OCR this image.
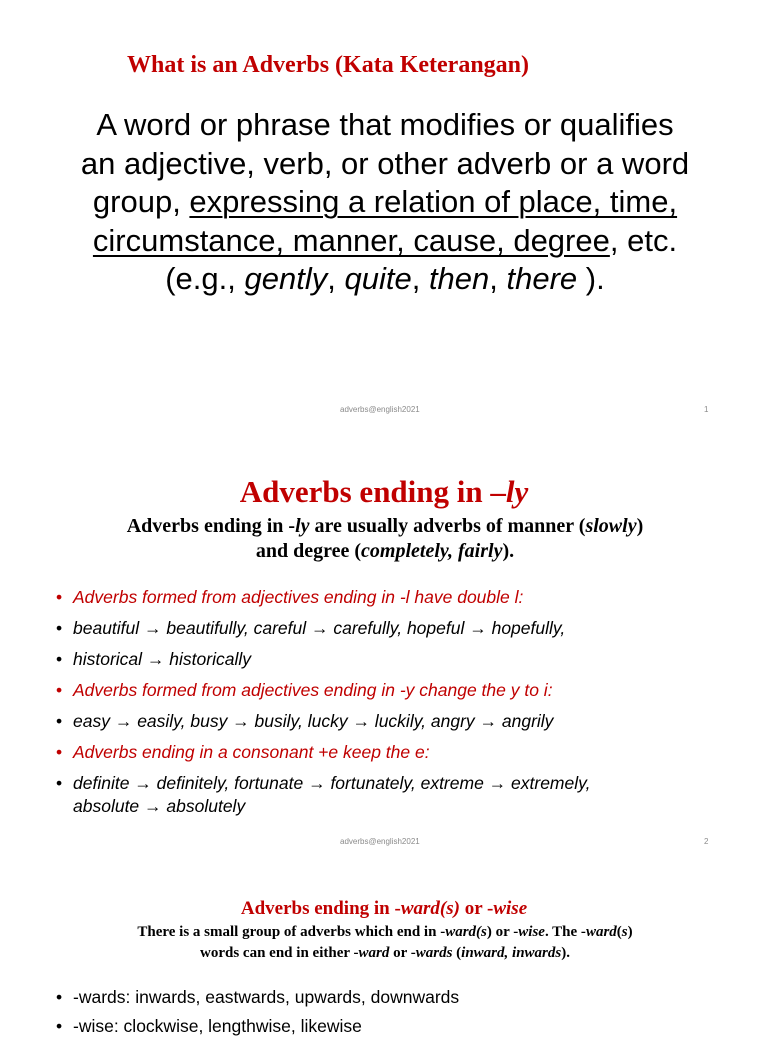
What is an Adverbs (Kata Keterangan)
A word or phrase that modifies or qualifies
an adjective, verb, or other adverb or a word
group, expressing a relation of place, time,
circumstance, manner, cause, degree, etc.
(e.g., gently, quite, then, there ).
adverbs@english2021	1
Adverbs ending in –ly
Adverbs ending in -ly are usually adverbs of manner (slowly)
and degree (completely, fairly).
• Adverbs formed from adjectives ending in -l have double l:
• beautiful → beautifully, careful → carefully, hopeful → hopefully,
• historical → historically
• Adverbs formed from adjectives ending in -y change the y to i:
• easy → easily, busy → busily, lucky → luckily, angry → angrily
• Adverbs ending in a consonant +e keep the e:
• definite → definitely, fortunate → fortunately, extreme → extremely,
absolute → absolutely
adverbs@english2021	2
Adverbs ending in -ward(s) or -wise
There is a small group of adverbs which end in -ward(s) or -wise. The -ward(s)
words can end in either -ward or -wards (inward, inwards).
• -wards: inwards, eastwards, upwards, downwards
• -wise: clockwise, lengthwise, likewise
